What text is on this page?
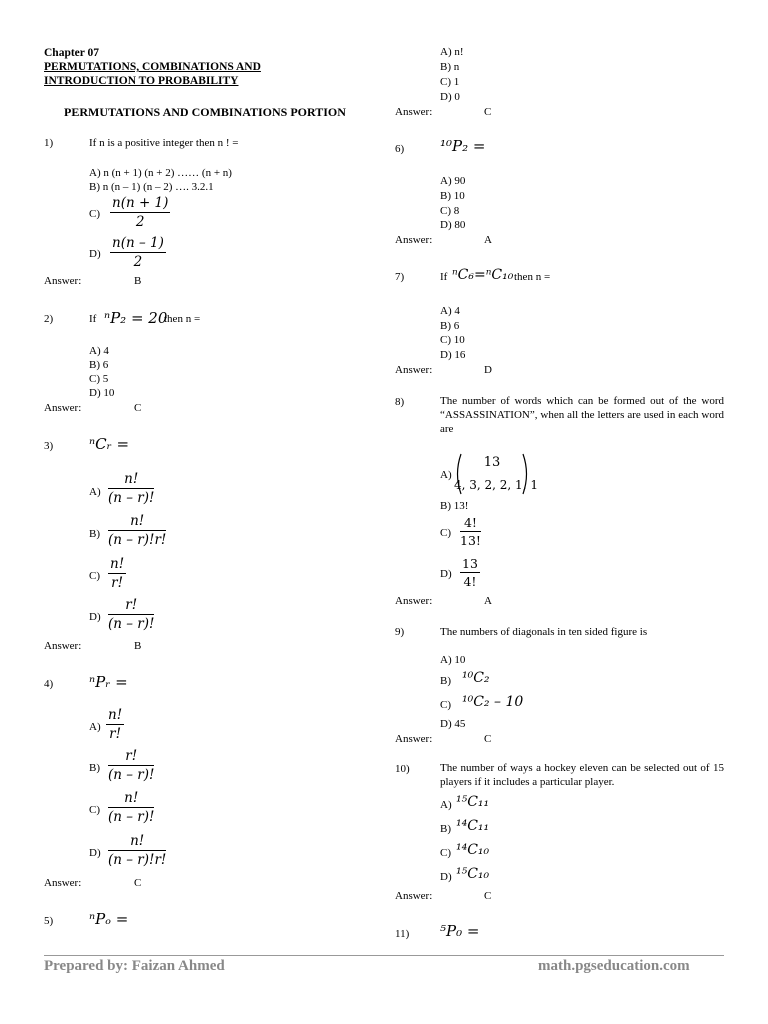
Chapter 07
PERMUTATIONS, COMBINATIONS AND
INTRODUCTION TO PROBABILITY
PERMUTATIONS AND COMBINATIONS PORTION
1)	If n is a positive integer then n ! =
A) n (n + 1) (n + 2) …… (n + n)
B) n (n – 1) (n – 2) …. 3.2.1
$C) \frac{n(n + 1)}{2}$
$D) \frac{n(n - 1)}{2}$
Answer:	B
2)	If ⁿP₂ = 20
then n =
A) 4
B) 6
C) 5
D) 10
Answer:	C
3) ⁿCᵣ =
$A) \frac{n!}{(n - r)!}$
$B) \frac{n!}{(n - r)!r!}$
$C) \frac{n!}{r!}$
$D) \frac{r!}{(n - r)!}$
Answer:	B
4) ⁿPᵣ =
$A) \frac{n!}{r!}$
$B) \frac{r!}{(n - r)!}$
$C) \frac{n!}{(n - r)!}$
$D) \frac{n!}{(n - r)!r!}$
Answer:	C
5) ⁿPₒ =
A) n!
B) n
C) 1
D) 0
Answer:	C
6) ¹⁰P₂ =
A) 90
B) 10
C) 8
D) 80
Answer:	A
7)	If ⁿC₆=ⁿC₁₀ then n =
A) 4
B) 6
C) 10
D) 16
Answer:	D
8)	The number of words which can be formed out of the word “ASSASSINATION”, when all the letters are used in each word are
A)
13
4, 3, 2, 2, 1, 1
B) 13!
$C) \frac{4!}{13!}$
$D) \frac{13}{4!}$
Answer:	A
9)	The numbers of diagonals in ten sided figure is
A) 10
B) ¹⁰C₂
C) ¹⁰C₂ – 10
D) 45
Answer:	C
10)	The number of ways a hockey eleven can be selected out of 15 players if it includes a particular player.
A) ¹⁵C₁₁
B) ¹⁴C₁₁
C) ¹⁴C₁₀
D) ¹⁵C₁₀
Answer:	C
11) ⁵P₀ =
Prepared by: Faizan Ahmed	math.pgseducation.com
